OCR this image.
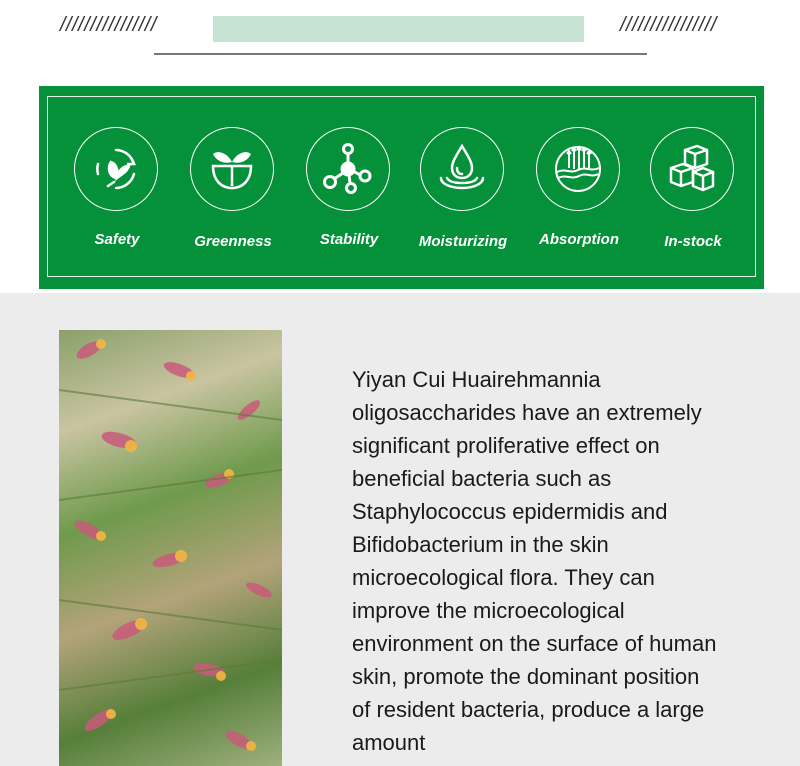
////////////////	////////////////
Safety	Greenness	Stability	Moisturizing	Absorption	In-stock
Yiyan Cui Huairehmannia oligosaccharides have an extremely significant proliferative effect on beneficial bacteria such as Staphylococcus epidermidis and Bifidobacterium in the skin microecological flora. They can improve the microecological environment on the surface of human skin, promote the dominant position of resident bacteria, produce a large amount
